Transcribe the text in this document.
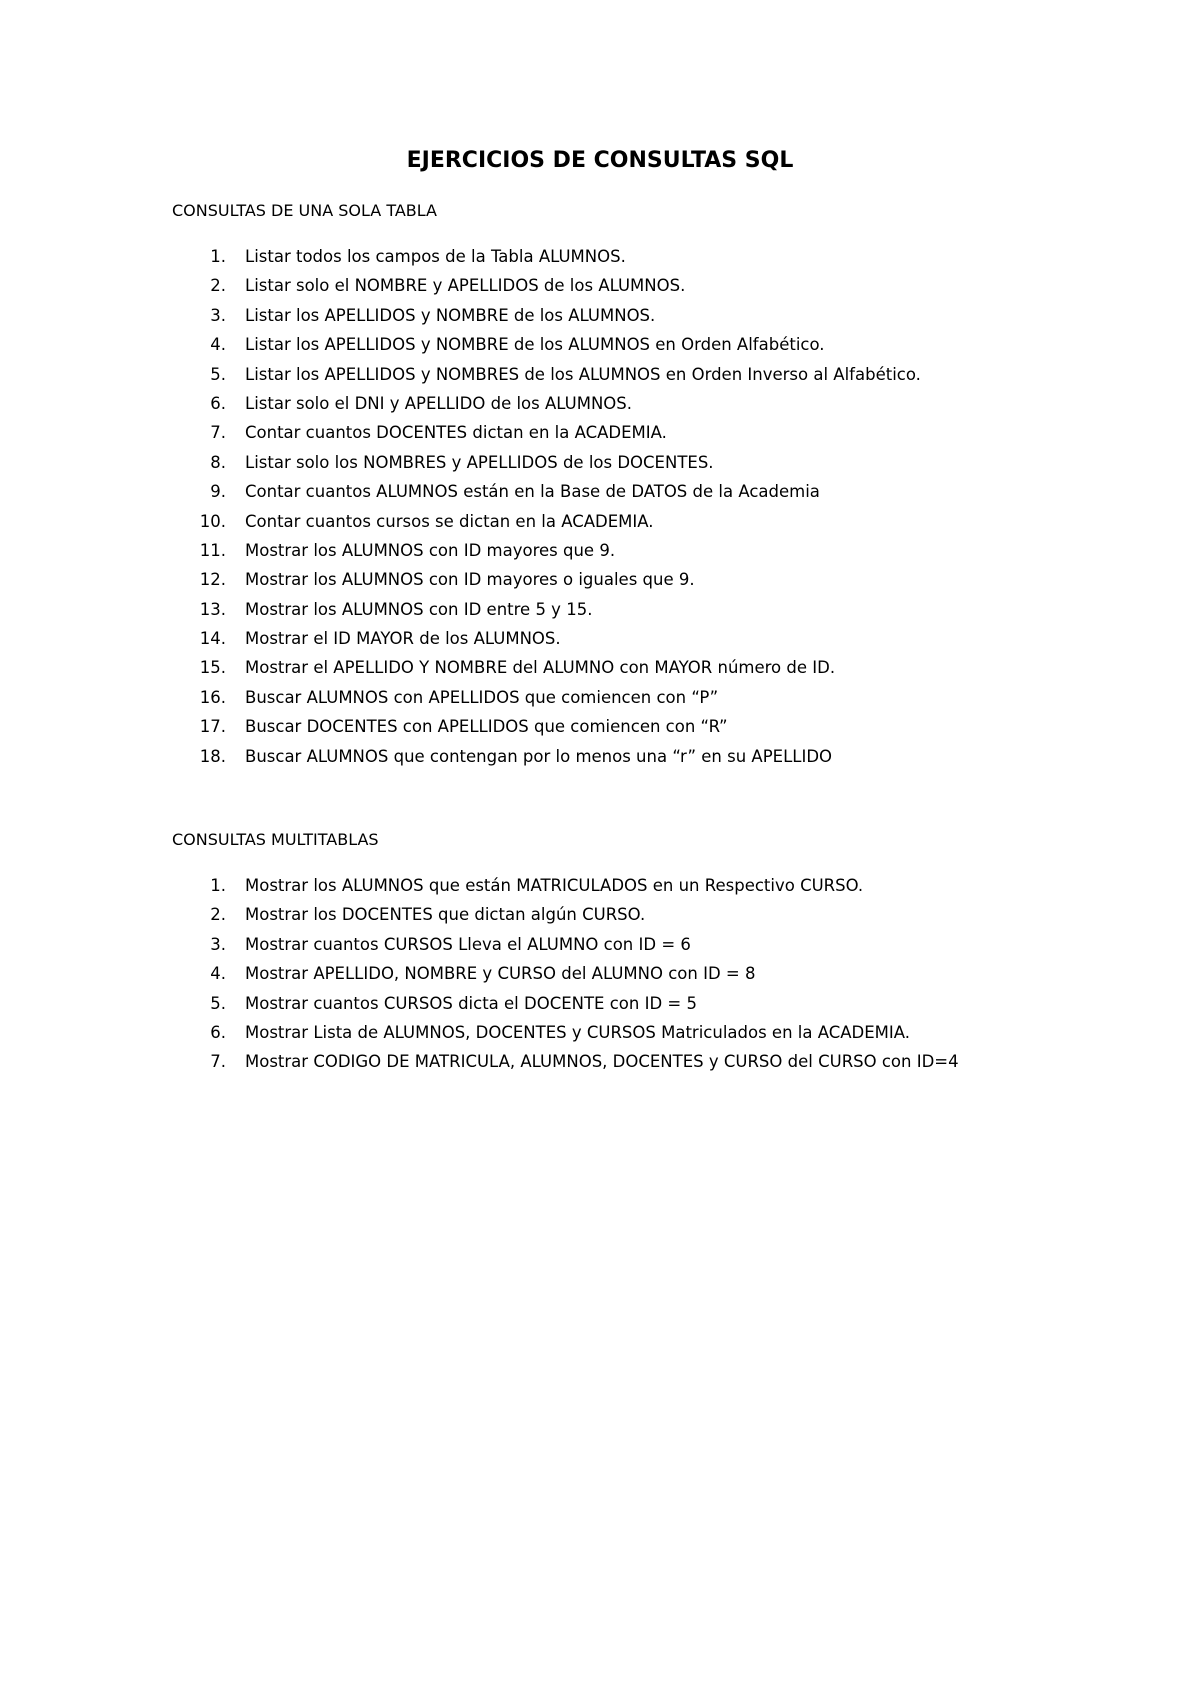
EJERCICIOS DE CONSULTAS SQL
CONSULTAS DE UNA SOLA TABLA
1. Listar todos los campos de la Tabla ALUMNOS.
2. Listar solo el NOMBRE y APELLIDOS de los ALUMNOS.
3. Listar los APELLIDOS y NOMBRE de los ALUMNOS.
4. Listar los APELLIDOS y NOMBRE de los ALUMNOS en Orden Alfabético.
5. Listar los APELLIDOS y NOMBRES de los ALUMNOS en Orden Inverso al Alfabético.
6. Listar solo el DNI y APELLIDO de los ALUMNOS.
7. Contar cuantos DOCENTES dictan en la ACADEMIA.
8. Listar solo los NOMBRES y APELLIDOS de los DOCENTES.
9. Contar cuantos ALUMNOS están en la Base de DATOS de la Academia
10. Contar cuantos cursos se dictan en la ACADEMIA.
11. Mostrar los ALUMNOS con ID mayores que 9.
12. Mostrar los ALUMNOS con ID mayores o iguales que 9.
13. Mostrar los ALUMNOS con ID entre 5 y 15.
14. Mostrar el ID MAYOR de los ALUMNOS.
15. Mostrar el APELLIDO Y NOMBRE del ALUMNO con MAYOR número de ID.
16. Buscar ALUMNOS con APELLIDOS que comiencen con “P”
17. Buscar DOCENTES con APELLIDOS que comiencen con “R”
18. Buscar ALUMNOS que contengan por lo menos una “r” en su APELLIDO
CONSULTAS MULTITABLAS
1. Mostrar los ALUMNOS que están MATRICULADOS en un Respectivo CURSO.
2. Mostrar los DOCENTES que dictan algún CURSO.
3. Mostrar cuantos CURSOS Lleva el ALUMNO con ID = 6
4. Mostrar APELLIDO, NOMBRE y CURSO del ALUMNO con ID = 8
5. Mostrar cuantos CURSOS dicta el DOCENTE con ID = 5
6. Mostrar Lista de ALUMNOS, DOCENTES y CURSOS Matriculados en la ACADEMIA.
7. Mostrar CODIGO DE MATRICULA, ALUMNOS, DOCENTES y CURSO del CURSO con ID=4
